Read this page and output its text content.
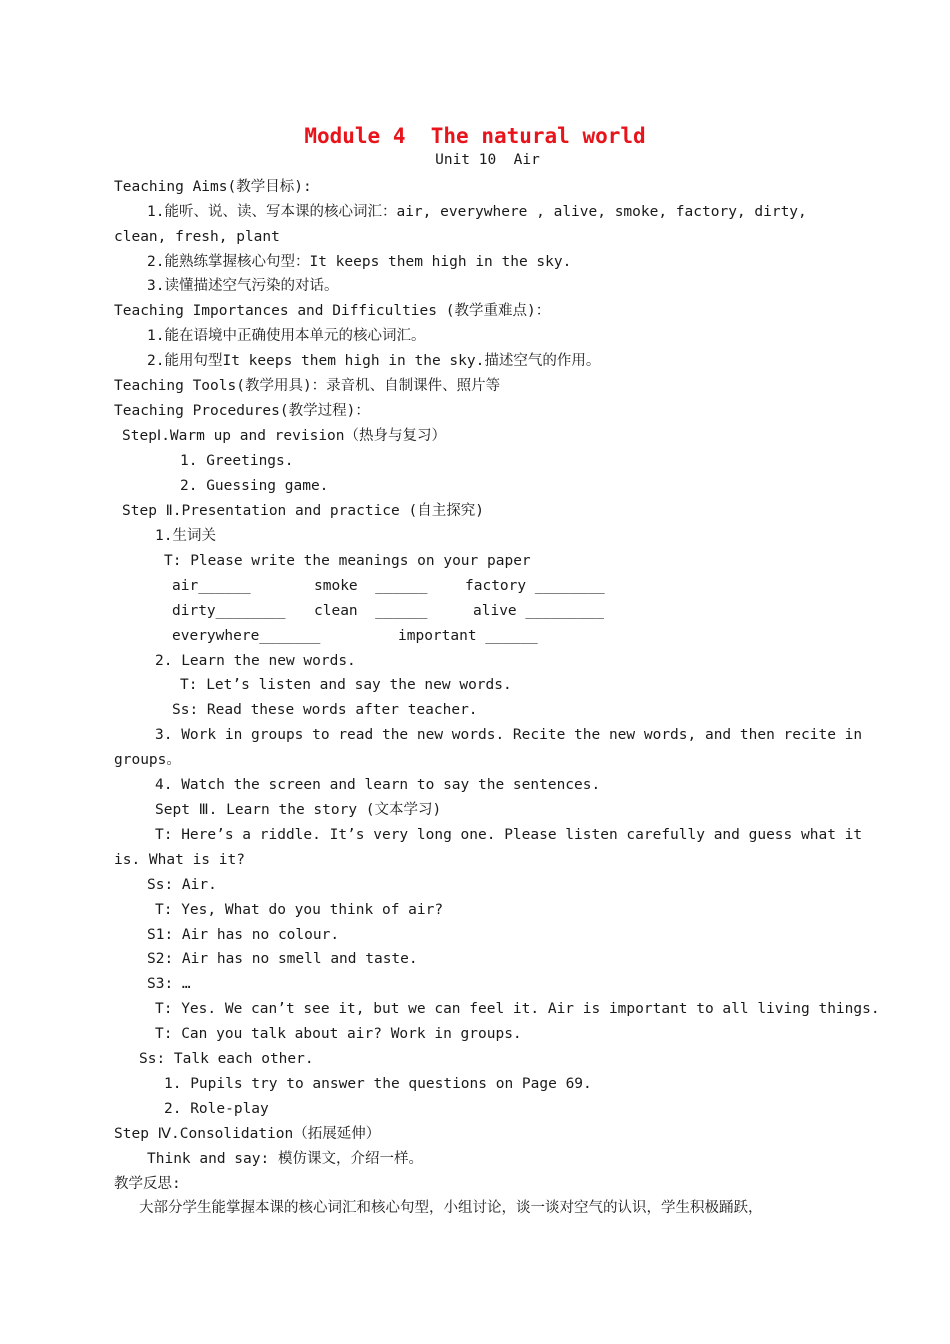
Module 4  The natural world
Unit 10  Air
Teaching Aims(教学目标):
1.能听、说、读、写本课的核心词汇：air, everywhere , alive, smoke, factory, dirty,
clean, fresh, plant
2.能熟练掌握核心句型：It keeps them high in the sky.
3.读懂描述空气污染的对话。
Teaching Importances and Difficulties (教学重难点)：
1.能在语境中正确使用本单元的核心词汇。
2.能用句型It keeps them high in the sky.描述空气的作用。
Teaching Tools(教学用具)：录音机、自制课件、照片等
Teaching Procedures(教学过程)：
StepⅠ.Warm up and revision（热身与复习）
1. Greetings.
2. Guessing game.
Step Ⅱ.Presentation and practice (自主探究)
1.生词关
T: Please write the meanings on your paper
air______	smoke  ______	factory ________
dirty________ clean  ______	alive _________
everywhere_______	important ______
2. Learn the new words.
T: Let’s listen and say the new words.
Ss: Read these words after teacher.
3. Work in groups to read the new words. Recite the new words, and then recite in
groups。
4. Watch the screen and learn to say the sentences.
Sept Ⅲ. Learn the story (文本学习)
T: Here’s a riddle. It’s very long one. Please listen carefully and guess what it
is. What is it?
Ss: Air.
T: Yes, What do you think of air?
S1: Air has no colour.
S2: Air has no smell and taste.
S3: …
T: Yes. We can’t see it, but we can feel it. Air is important to all living things.
T: Can you talk about air? Work in groups.
Ss: Talk each other.
1. Pupils try to answer the questions on Page 69.
2. Role-play
Step Ⅳ.Consolidation（拓展延伸）
Think and say: 模仿课文，介绍一样。
教学反思:
大部分学生能掌握本课的核心词汇和核心句型，小组讨论，谈一谈对空气的认识，学生积极踊跃，
